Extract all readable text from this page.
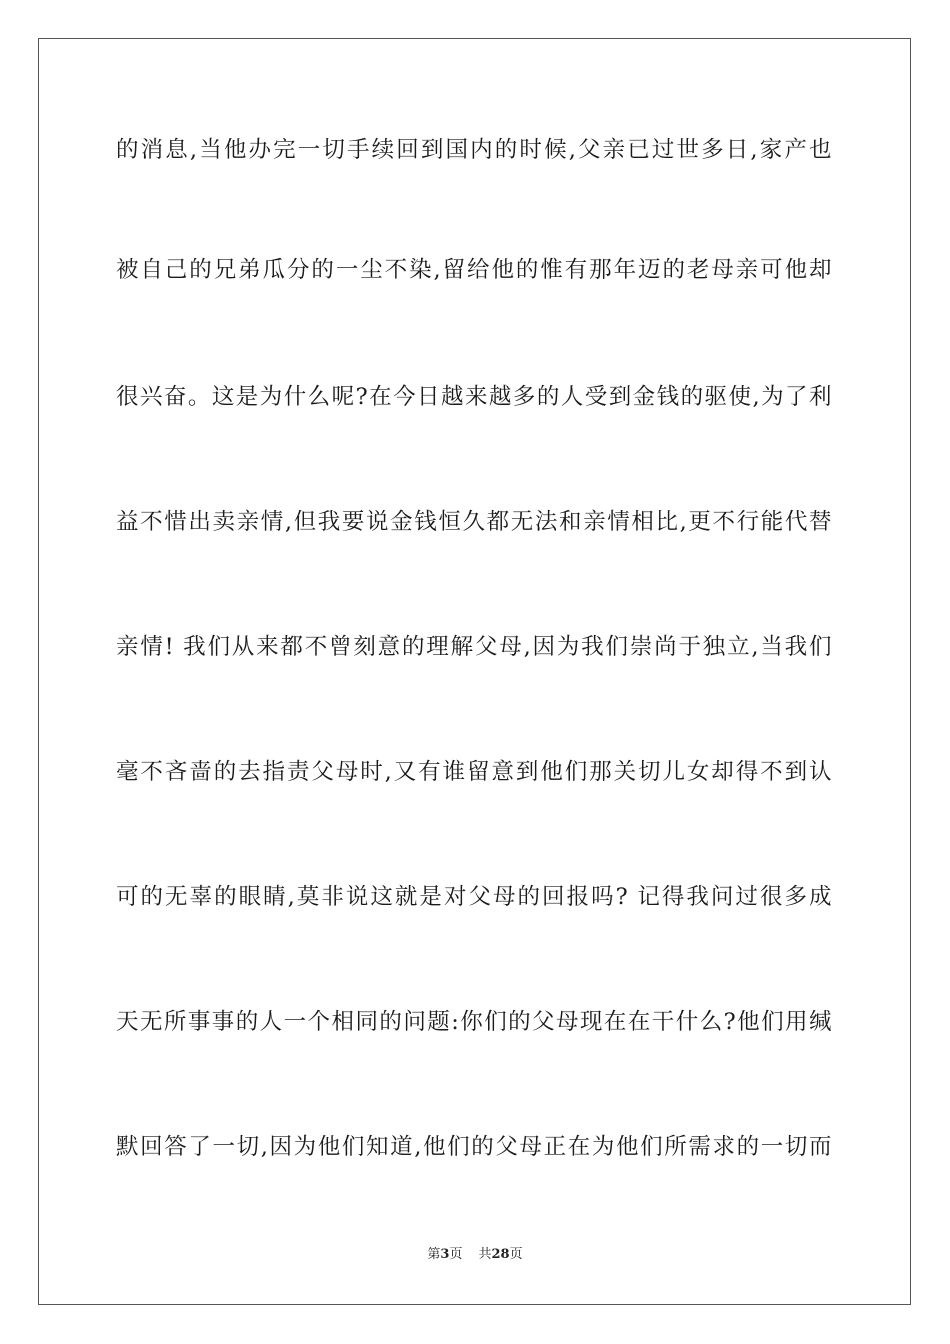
的消息,当他办完一切手续回到国内的时候,父亲已过世多日,家产也
被自己的兄弟瓜分的一尘不染,留给他的惟有那年迈的老母亲可他却
很兴奋。这是为什么呢?在今日越来越多的人受到金钱的驱使,为了利
益不惜出卖亲情,但我要说金钱恒久都无法和亲情相比,更不行能代替
亲情! 我们从来都不曾刻意的理解父母,因为我们崇尚于独立,当我们
毫不吝啬的去指责父母时,又有谁留意到他们那关切儿女却得不到认
可的无辜的眼睛,莫非说这就是对父母的回报吗? 记得我问过很多成
天无所事事的人一个相同的问题:你们的父母现在在干什么?他们用缄
默回答了一切,因为他们知道,他们的父母正在为他们所需求的一切而
第3页 共28页
